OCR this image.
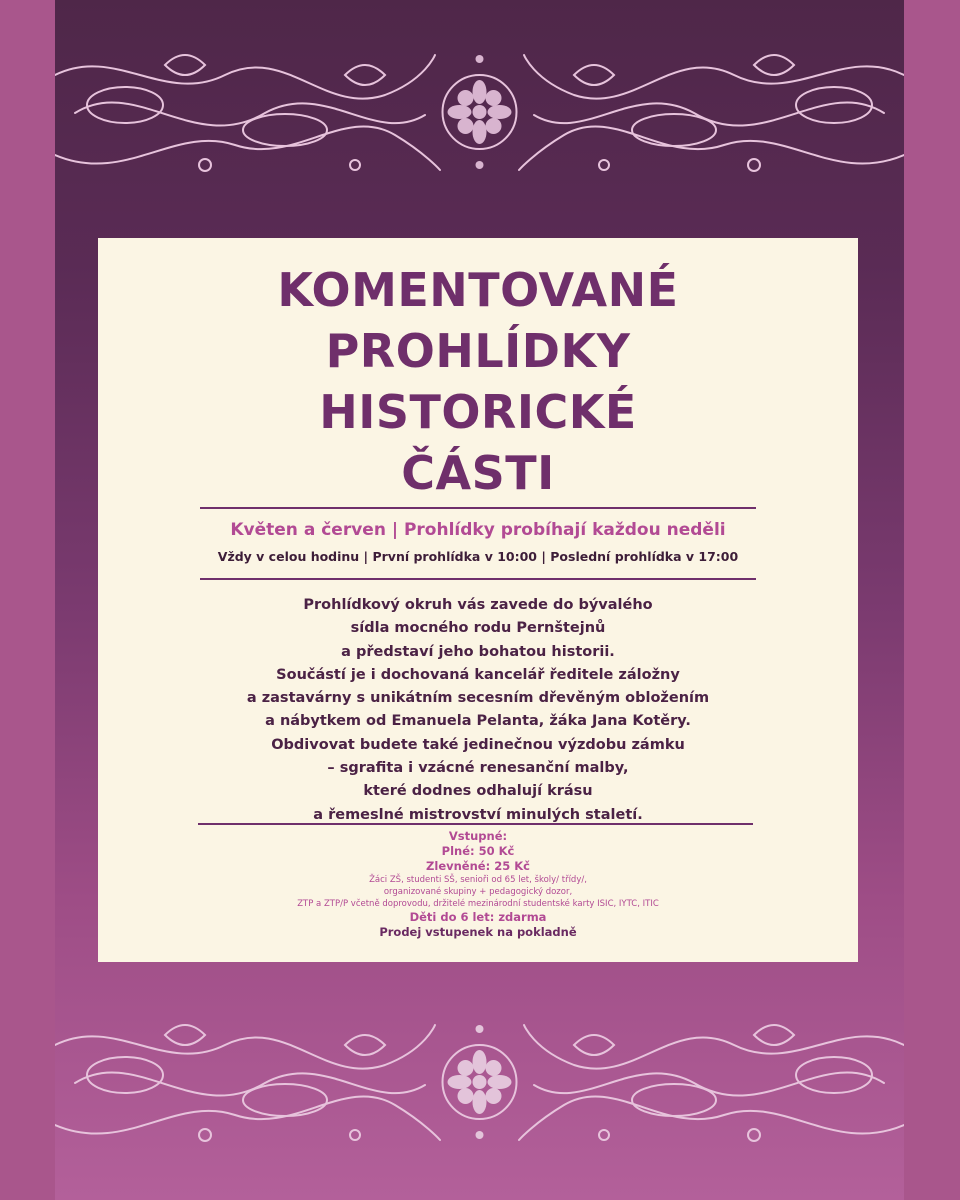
KOMENTOVANÉ
PROHLÍDKY
HISTORICKÉ
ČÁSTI
Květen a červen | Prohlídky probíhají každou neděli
Vždy v celou hodinu | První prohlídka v 10:00 | Poslední prohlídka v 17:00
Prohlídkový okruh vás zavede do bývalého
sídla mocného rodu Pernštejnů
a představí jeho bohatou historii.
Součástí je i dochovaná kancelář ředitele záložny
a zastavárny s unikátním secesním dřevěným obložením
a nábytkem od Emanuela Pelanta, žáka Jana Kotěry.
Obdivovat budete také jedinečnou výzdobu zámku
– sgrafita i vzácné renesanční malby,
které dodnes odhalují krásu
a řemeslné mistrovství minulých staletí.
Vstupné:
Plné: 50 Kč
Zlevněné: 25 Kč
Žáci ZŠ, studenti SŠ, senioři od 65 let, školy/ třídy/,
organizované skupiny + pedagogický dozor,
ZTP a ZTP/P včetně doprovodu, držitelé mezinárodní studentské karty ISIC, IYTC, ITIC
Děti do 6 let: zdarma
Prodej vstupenek na pokladně
